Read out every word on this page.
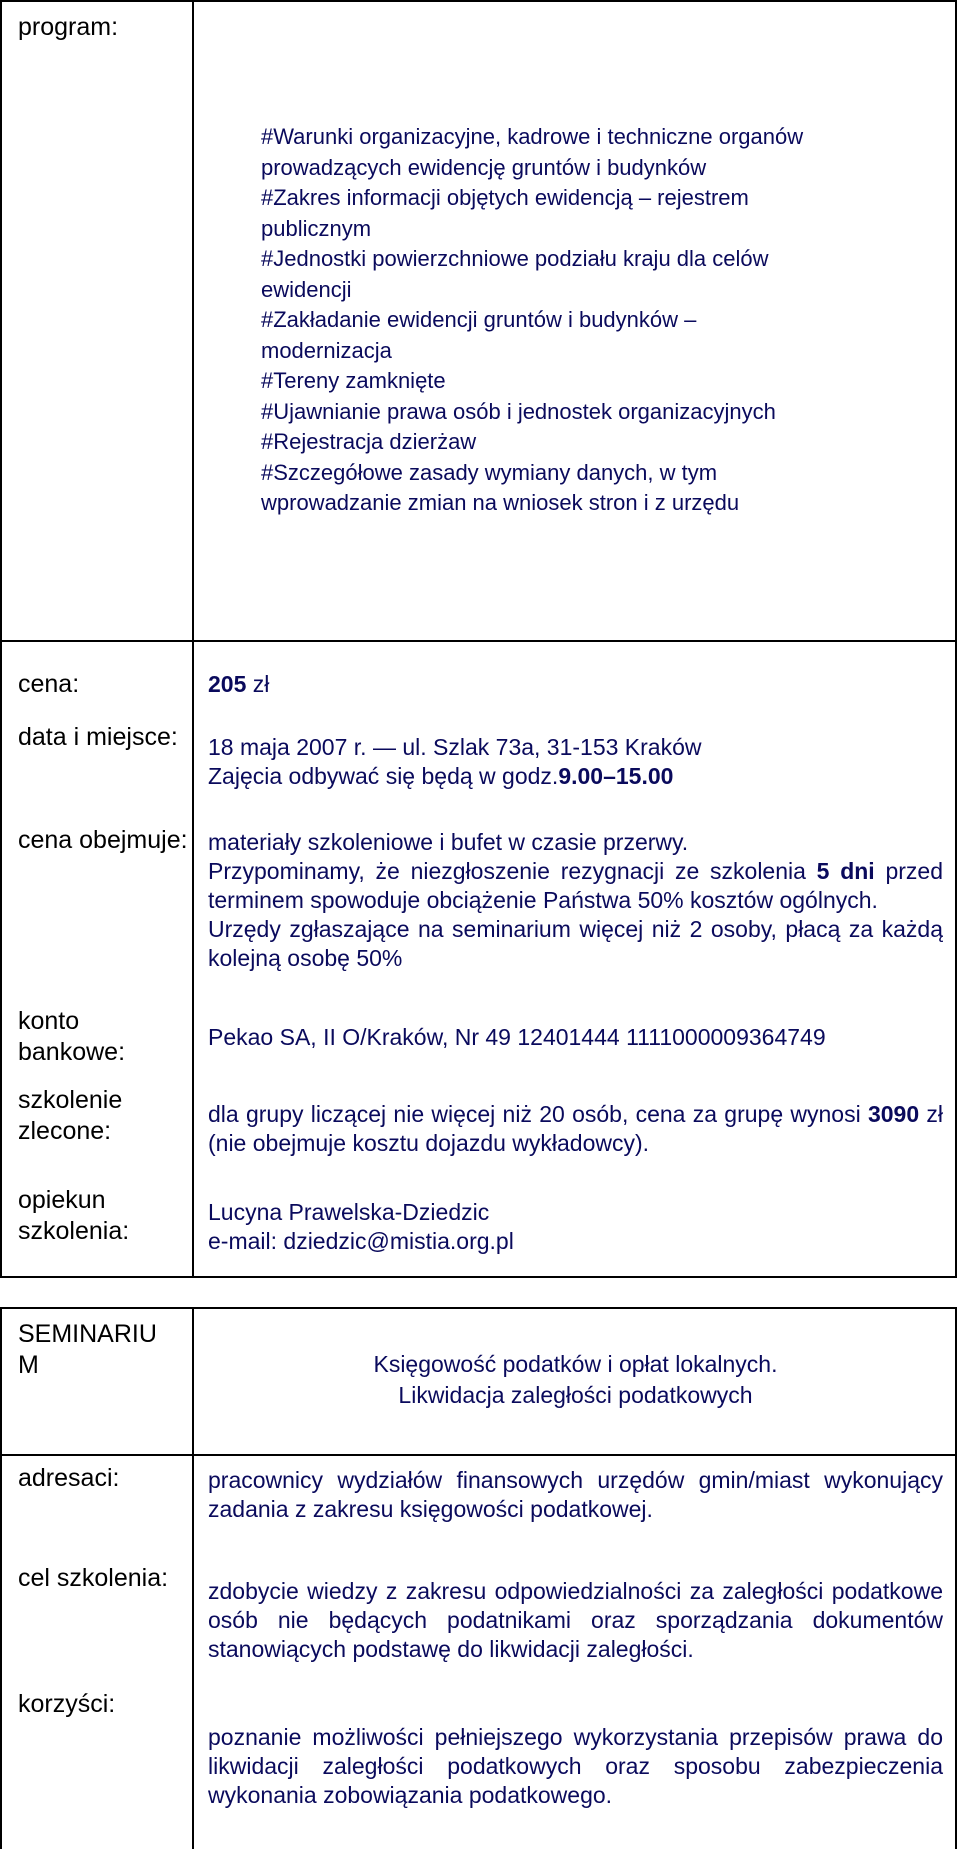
program:
#Warunki organizacyjne, kadrowe i techniczne organów
prowadzących ewidencję gruntów i budynków
#Zakres informacji objętych ewidencją – rejestrem
publicznym
#Jednostki powierzchniowe podziału kraju dla celów
ewidencji
#Zakładanie ewidencji gruntów i budynków –
modernizacja
#Tereny zamknięte
#Ujawnianie prawa osób i jednostek organizacyjnych
#Rejestracja dzierżaw
#Szczegółowe zasady wymiany danych, w tym
wprowadzanie zmian na wniosek stron i z urzędu
cena:	205 zł
data i miejsce:	18 maja 2007 r. — ul. Szlak 73a, 31-153 Kraków
Zajęcia odbywać się będą w godz.9.00–15.00
cena obejmuje: materiały szkoleniowe i bufet w czasie przerwy.
Przypominamy, że niezgłoszenie rezygnacji ze szkolenia 5 dni przed terminem spowoduje obciążenie Państwa 50% kosztów ogólnych.
Urzędy zgłaszające na seminarium więcej niż 2 osoby, płacą za każdą kolejną osobę 50%
konto bankowe:
Pekao SA, II O/Kraków, Nr 49 12401444 1111000009364749
szkolenie zlecone:
dla grupy liczącej nie więcej niż 20 osób, cena za grupę wynosi 3090 zł (nie obejmuje kosztu dojazdu wykładowcy).
opiekun szkolenia:
Lucyna Prawelska-Dziedzic
e-mail: dziedzic@mistia.org.pl
SEMINARIU M	Księgowość podatków i opłat lokalnych.
Likwidacja zaległości podatkowych
adresaci:	pracownicy wydziałów finansowych urzędów gmin/miast wykonujący zadania z zakresu księgowości podatkowej.
cel szkolenia:	zdobycie wiedzy z zakresu odpowiedzialności za zaległości podatkowe osób nie będących podatnikami oraz sporządzania dokumentów stanowiących podstawę do likwidacji zaległości.
korzyści:
poznanie możliwości pełniejszego wykorzystania przepisów prawa do likwidacji zaległości podatkowych oraz sposobu zabezpieczenia wykonania zobowiązania podatkowego.
